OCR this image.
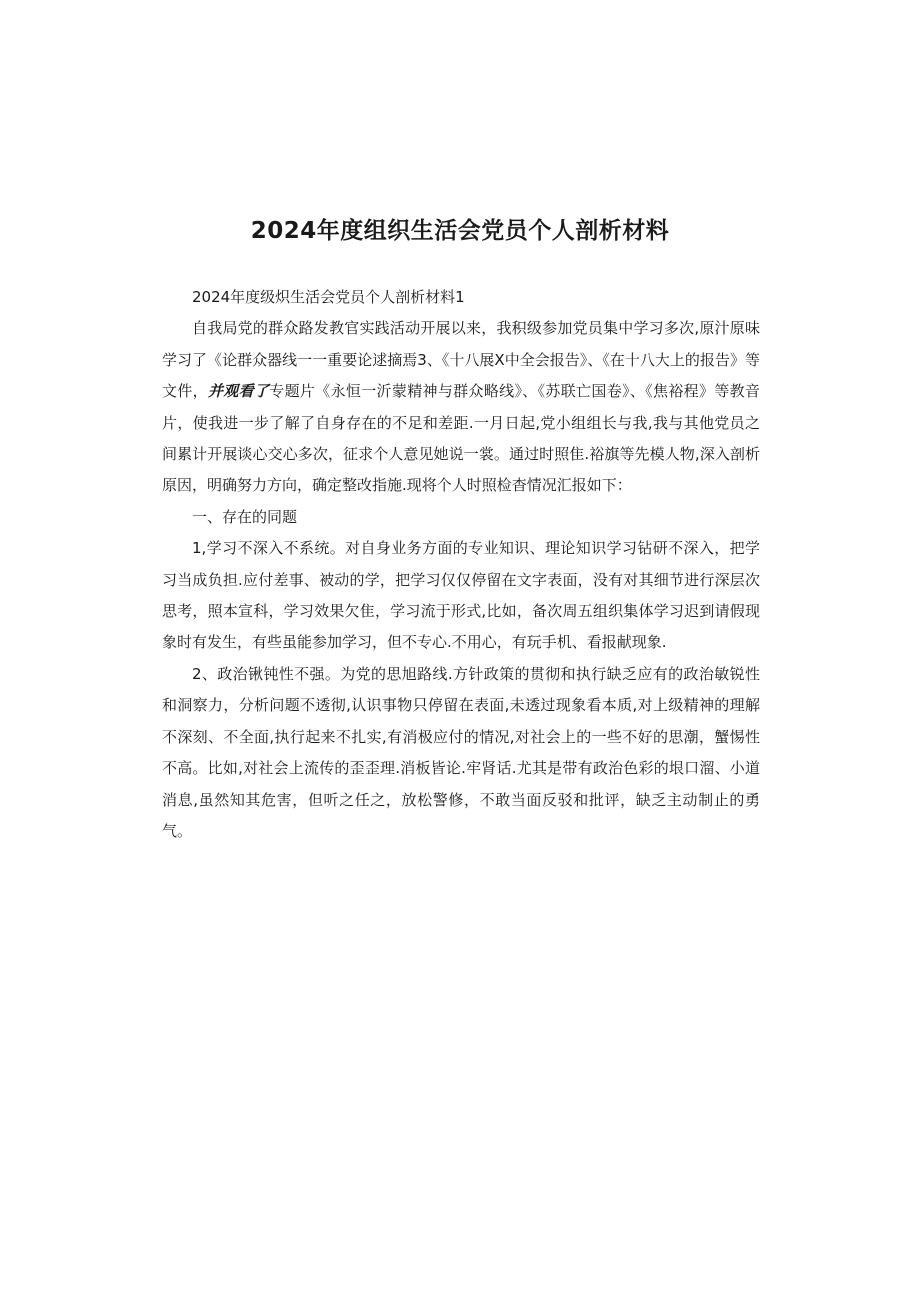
2024年度组织生活会党员个人剖析材料

2024年度级炽生活会党员个人剖析材料1

自我局党的群众路发教官实践活动开展以来，我积级参加党员集中学习多次,原汁原味学习了《论群众器线一一重要论逑摘焉3、《十八展X中全会报告》、《在十八大上的报告》等文件，并观看了专题片《永恒一沂蒙精神与群众略线》、《苏联亡国卷》、《焦裕程》等教音片，使我进一步了解了自身存在的不足和差距.一月日起,党小组组长与我,我与其他党员之间累计开展谈心交心多次，征求个人意见她说一裳。通过时照隹.裕旗等先模人物,深入剖析原因，明确努力方向，确定整改指施.现将个人时照检杳情况汇报如下：

一、存在的同题

1,学习不深入不系统。对自身业务方面的专业知识、理论知识学习钻研不深入，把学习当成负担.应付差事、被动的学，把学习仅仅停留在文字表面，没有对其细节进行深层次思考，照本宣科，学习效果欠隹，学习流于形式,比如，备次周五组织集体学习迟到请假现象时有发生，有些虽能参加学习，但不专心.不用心，有玩手机、看报献现象.

2、政治锹钝性不强。为党的思旭路线.方针政策的贯彻和执行缺乏应有的政治敏锐性和洞察力，分析问题不透彻,认识事物只停留在表面,未透过现象看本质,对上级精神的理解不深刻、不全面,执行起来不扎实,有消极应付的情况,对社会上的一些不好的思潮，蟹惕性不高。比如,对社会上流传的歪歪理.消板皆论.牢肾话.尤其是带有政治色彩的垠口溜、小道消息,虽然知其危害，但听之任之，放松警修，不敢当面反驳和批评，缺乏主动制止的勇气。
